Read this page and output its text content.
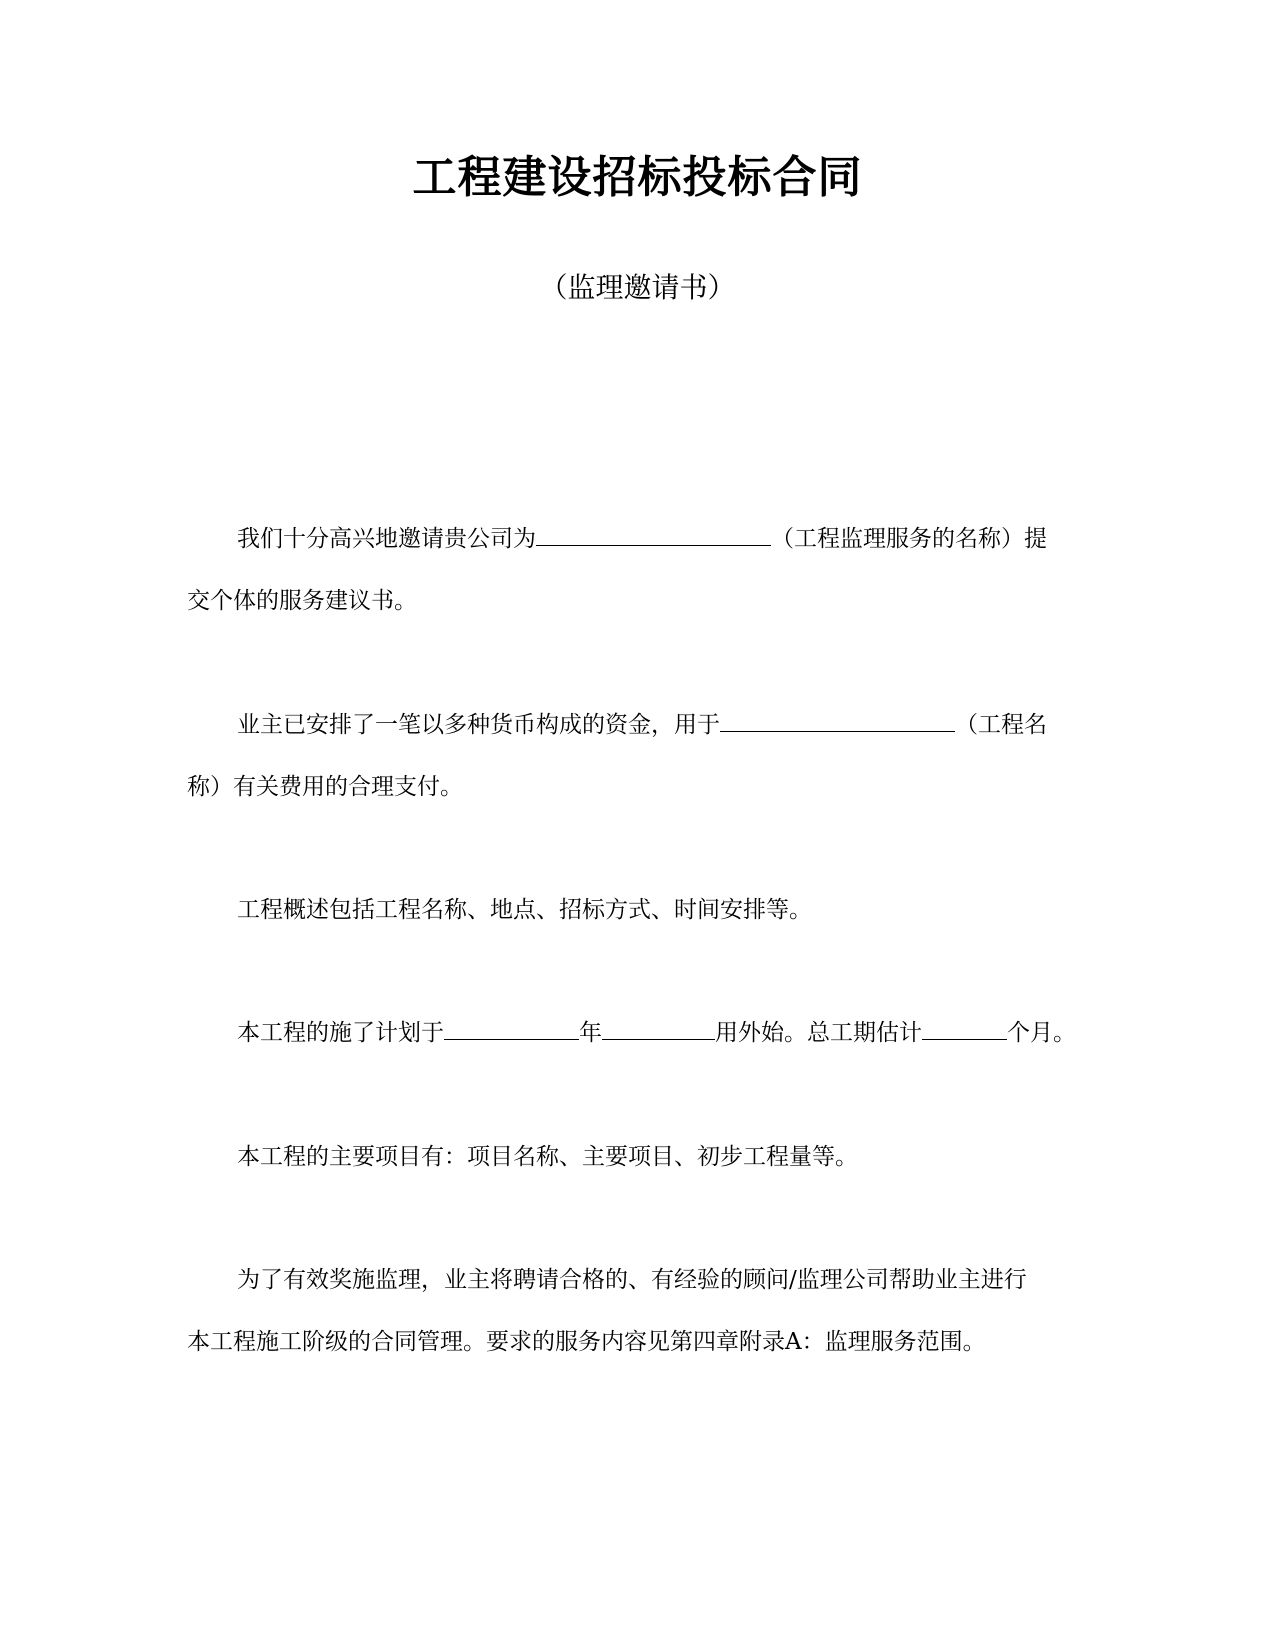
工程建设招标投标合同
（监理邀请书）
我们十分高兴地邀请贵公司为	（工程监理服务的名称）提
交个体的服务建议书。
业主已安排了一笔以多种货币构成的资金，用于	（工程名
称）有关费用的合理支付。
工程概述包括工程名称、地点、招标方式、时间安排等。
本工程的施了计划于	年	用外始。总工期估计	个月。
本工程的主要项目有：项目名称、主要项目、初步工程量等。
为了有效奖施监理，业主将聘请合格的、有经验的顾问/监理公司帮助业主进行
本工程施工阶级的合同管理。要求的服务内容见第四章附录A：监理服务范围。
